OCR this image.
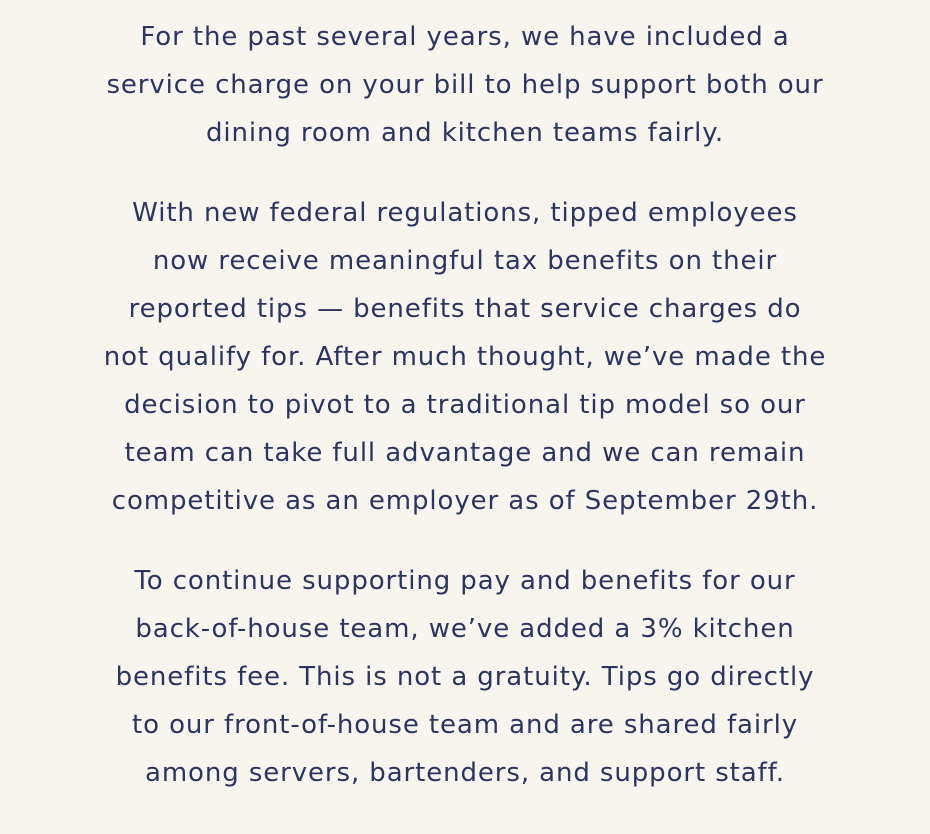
For the past several years, we have included a
service charge on your bill to help support both our
dining room and kitchen teams fairly.

With new federal regulations, tipped employees
now receive meaningful tax benefits on their
reported tips — benefits that service charges do
not qualify for. After much thought, we’ve made the
decision to pivot to a traditional tip model so our
team can take full advantage and we can remain
competitive as an employer as of September 29th.

To continue supporting pay and benefits for our
back-of-house team, we’ve added a 3% kitchen
benefits fee. This is not a gratuity. Tips go directly
to our front-of-house team and are shared fairly
among servers, bartenders, and support staff.
